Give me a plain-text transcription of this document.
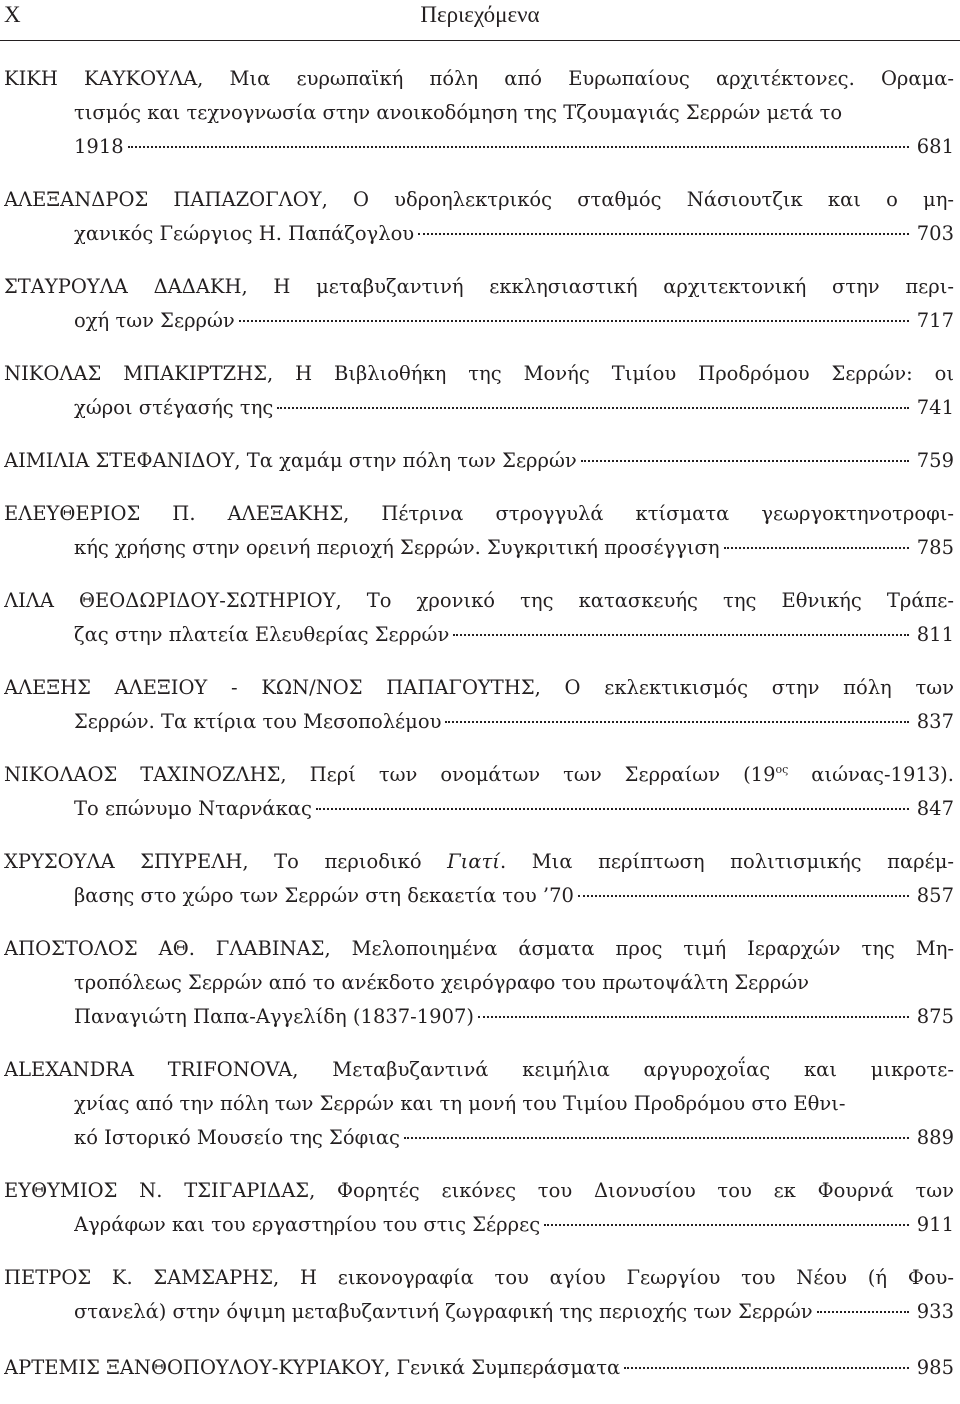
X	Περιεχόμενα
ΚΙΚΗ ΚΑΥΚΟΥΛΑ, Μια ευρωπαϊκή πόλη από Ευρωπαίους αρχιτέκτονες. Οραμα-
τισμός και τεχνογνωσία στην ανοικοδόμηση της Τζουμαγιάς Σερρών μετά το
1918	681
ΑΛΕΞΑΝΔΡΟΣ ΠΑΠΑΖΟΓΛΟΥ, Ο υδροηλεκτρικός σταθμός Νάσιουτζικ και ο μη-
χανικός Γεώργιος Η. Παπάζογλου	703
ΣΤΑΥΡΟΥΛΑ ΔΑΔΑΚΗ, Η μεταβυζαντινή εκκλησιαστική αρχιτεκτονική στην περι-
οχή των Σερρών	717
ΝΙΚΟΛΑΣ ΜΠΑΚΙΡΤΖΗΣ, Η Βιβλιοθήκη της Μονής Τιμίου Προδρόμου Σερρών: οι
χώροι στέγασής της	741
ΑΙΜΙΛΙΑ ΣΤΕΦΑΝΙΔΟΥ, Τα χαμάμ στην πόλη των Σερρών	759
ΕΛΕΥΘΕΡΙΟΣ Π. ΑΛΕΞΑΚΗΣ, Πέτρινα στρογγυλά κτίσματα γεωργοκτηνοτροφι-
κής χρήσης στην ορεινή περιοχή Σερρών. Συγκριτική προσέγγιση	785
ΛΙΛΑ ΘΕΟΔΩΡΙΔΟΥ-ΣΩΤΗΡΙΟΥ, Το χρονικό της κατασκευής της Εθνικής Τράπε-
ζας στην πλατεία Ελευθερίας Σερρών	811
ΑΛΕΞΗΣ ΑΛΕΞΙΟΥ - ΚΩΝ/ΝΟΣ ΠΑΠΑΓΟΥΤΗΣ, Ο εκλεκτικισμός στην πόλη των
Σερρών. Τα κτίρια του Μεσοπολέμου	837
ΝΙΚΟΛΑΟΣ ΤΑΧΙΝΟΖΛΗΣ, Περί των ονομάτων των Σερραίων ($19^{o\varsigma}$ αιώνας-1913).
Το επώνυμο Νταρνάκας	847
ΧΡΥΣΟΥΛΑ ΣΠΥΡΕΛΗ, Το περιοδικό Γιατί. Μια περίπτωση πολιτισμικής παρέμ-
βασης στο χώρο των Σερρών στη δεκαετία του ’70	857
ΑΠΟΣΤΟΛΟΣ ΑΘ. ΓΛΑΒΙΝΑΣ, Μελοποιημένα άσματα προς τιμή Ιεραρχών της Μη-
τροπόλεως Σερρών από το ανέκδοτο χειρόγραφο του πρωτοψάλτη Σερρών
Παναγιώτη Παπα-Αγγελίδη (1837-1907)	875
ALEXANDRA TRIFONOVA, Μεταβυζαντινά κειμήλια αργυροχοΐας και μικροτε-
χνίας από την πόλη των Σερρών και τη μονή του Τιμίου Προδρόμου στο Εθνι-
κό Ιστορικό Μουσείο της Σόφιας	889
ΕΥΘΥΜΙΟΣ Ν. ΤΣΙΓΑΡΙΔΑΣ, Φορητές εικόνες του Διονυσίου του εκ Φουρνά των
Αγράφων και του εργαστηρίου του στις Σέρρες	911
ΠΕΤΡΟΣ Κ. ΣΑΜΣΑΡΗΣ, Η εικονογραφία του αγίου Γεωργίου του Νέου (ή Φου-
στανελά) στην όψιμη μεταβυζαντινή ζωγραφική της περιοχής των Σερρών	933
ΑΡΤΕΜΙΣ ΞΑΝΘΟΠΟΥΛΟΥ-ΚΥΡΙΑΚΟΥ, Γενικά Συμπεράσματα	985
